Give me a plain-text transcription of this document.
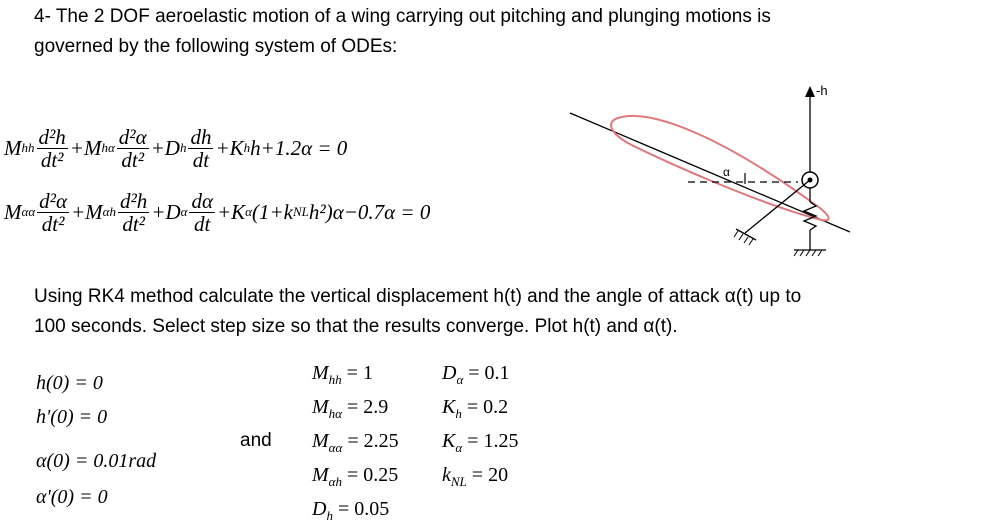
4- The 2 DOF aeroelastic motion of a wing carrying out pitching and plunging motions is
governed by the following system of ODEs:
M hh $\frac{\text{d²h}}{\text{dt²}} +M$ hα $\frac{\text{d²α}}{\text{dt²}} +D$ h $\frac{dh}{dt} +K$ h h+1.2α = 0
M αα $\frac{\text{d²α}}{\text{dt²}} +M$ αh $\frac{\text{d²h}}{\text{dt²}} +D$ α $\frac{d\alpha}{dt} +K$ α (1+k NL h²)α−0.7α = 0
-h
α
Using RK4 method calculate the vertical displacement h(t) and the angle of attack α(t) up to
100 seconds. Select step size so that the results converge. Plot h(t) and α(t).
h(0) = 0
h'(0) = 0
α(0) = 0.01rad
α'(0) = 0
and
$M_{hh} = 1$
$M_{h\alpha} = 2.9$
$M_{\alpha\alpha} = 2.25$
$M_{\alpha h} = 0.25$
$D_h = 0.05$
$D_\alpha = 0.1$
$K_h = 0.2$
$K_\alpha = 1.25$
$k_{NL} = 20$
